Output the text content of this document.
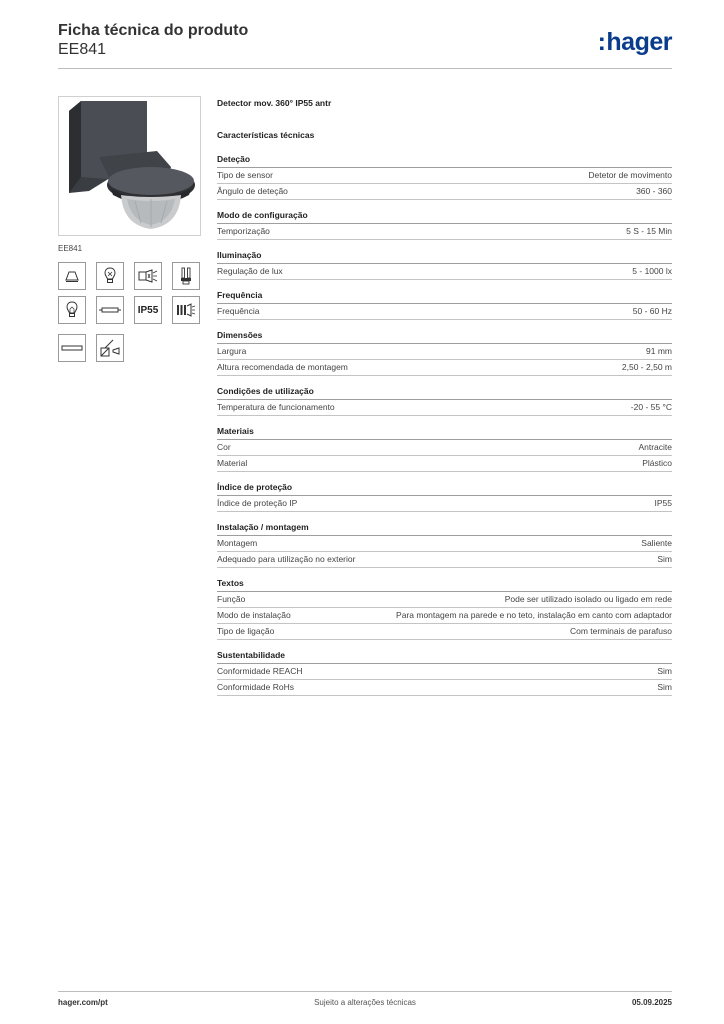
Ficha técnica do produto
EE841	:hager
EE841
IP55
Detector mov. 360° IP55 antr
Características técnicas
Deteção
Tipo de sensor	Detetor de movimento
Ângulo de deteção	360 - 360
Modo de configuração
Temporização	5 S - 15 Min
Iluminação
Regulação de lux	5 - 1000 lx
Frequência
Frequência	50 - 60 Hz
Dimensões
Largura	91 mm
Altura recomendada de montagem	2,50 - 2,50 m
Condições de utilização
Temperatura de funcionamento	-20 - 55 °C
Materiais
Cor	Antracite
Material	Plástico
Índice de proteção
Índice de proteção IP	IP55
Instalação / montagem
Montagem	Saliente
Adequado para utilização no exterior	Sim
Textos
Função	Pode ser utilizado isolado ou ligado em rede
Modo de instalação	Para montagem na parede e no teto, instalação em canto com adaptador
Tipo de ligação	Com terminais de parafuso
Sustentabilidade
Conformidade REACH	Sim
Conformidade RoHs	Sim
hager.com/pt	Sujeito a alterações técnicas	05.09.2025
